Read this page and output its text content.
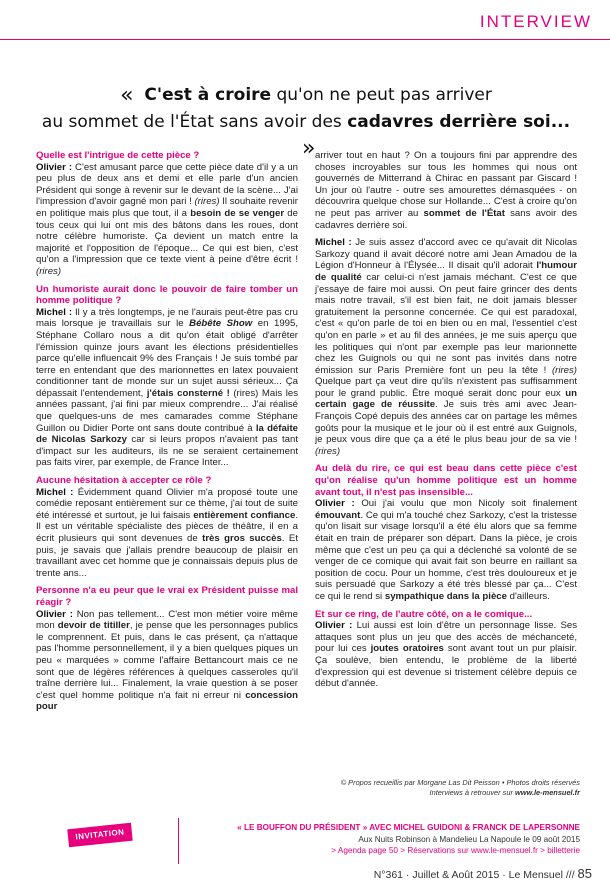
INTERVIEW
« C'est à croire qu'on ne peut pas arriver
au sommet de l'État sans avoir des cadavres derrière soi...  »

Quelle est l'intrigue de cette pièce ?

Olivier : C'est amusant parce que cette pièce date d'il y a un peu plus de deux ans et demi et elle parle d'un ancien Président qui songe à revenir sur le devant de la scène... J'ai l'impression d'avoir gagné mon pari ! (rires) Il souhaite revenir en politique mais plus que tout, il a besoin de se venger de tous ceux qui lui ont mis des bâtons dans les roues, dont notre célèbre humoriste. Ça devient un match entre la majorité et l'opposition de l'époque... Ce qui est bien, c'est qu'on a l'impression que ce texte vient à peine d'être écrit ! (rires)

Un humoriste aurait donc le pouvoir de faire tomber un homme politique ?

Michel : Il y a très longtemps, je ne l'aurais peut-être pas cru mais lorsque je travaillais sur le Bébête Show en 1995, Stéphane Collaro nous a dit qu'on était obligé d'arrêter l'émission quinze jours avant les élections présidentielles parce qu'elle influencait 9% des Français ! Je suis tombé par terre en entendant que des marionnettes en latex pouvaient conditionner tant de monde sur un sujet aussi sérieux... Ça dépassait l'entendement, j'étais consterné ! (rires) Mais les années passant, j'ai fini par mieux comprendre... J'ai réalisé que quelques-uns de mes camarades comme Stéphane Guillon ou Didier Porte ont sans doute contribué à la défaite de Nicolas Sarkozy car si leurs propos n'avaient pas tant d'impact sur les auditeurs, ils ne se seraient certainement pas faits virer, par exemple, de France Inter...

Aucune hésitation à accepter ce rôle ?

Michel : Évidemment quand Olivier m'a proposé toute une comédie reposant entièrement sur ce thème, j'ai tout de suite été intéressé et surtout, je lui faisais entièrement confiance. Il est un véritable spécialiste des pièces de théâtre, il en a écrit plusieurs qui sont devenues de très gros succès. Et puis, je savais que j'allais prendre beaucoup de plaisir en travaillant avec cet homme que je connaissais depuis plus de trente ans...

Personne n'a eu peur que le vrai ex Président puisse mal réagir ?

Olivier : Non pas tellement... C'est mon métier voire même mon devoir de titiller, je pense que les personnages publics le comprennent. Et puis, dans le cas présent, ça n'attaque pas l'homme personnellement, il y a bien quelques piques un peu « marquées » comme l'affaire Bettancourt mais ce ne sont que de légères références à quelques casseroles qu'il traîne derrière lui... Finalement, la vraie question à se poser c'est quel homme politique n'a fait ni erreur ni concession pour

arriver tout en haut ? On a toujours fini par apprendre des choses incroyables sur tous les hommes qui nous ont gouvernés de Mitterrand à Chirac en passant par Giscard ! Un jour où l'autre - outre ses amourettes démasquées - on découvrira quelque chose sur Hollande... C'est à croire qu'on ne peut pas arriver au sommet de l'État sans avoir des cadavres derrière soi.

Michel : Je suis assez d'accord avec ce qu'avait dit Nicolas Sarkozy quand il avait décoré notre ami Jean Amadou de la Légion d'Honneur à l'Élysée... Il disait qu'il adorait l'humour de qualité car celui-ci n'est jamais méchant. C'est ce que j'essaye de faire moi aussi. On peut faire grincer des dents mais notre travail, s'il est bien fait, ne doit jamais blesser gratuitement la personne concernée. Ce qui est paradoxal, c'est « qu'on parle de toi en bien ou en mal, l'essentiel c'est qu'on en parle » et au fil des années, je me suis aperçu que les politiques qui n'ont par exemple pas leur marionnette chez les Guignols ou qui ne sont pas invités dans notre émission sur Paris Première font un peu la tête ! (rires) Quelque part ça veut dire qu'ils n'existent pas suffisamment pour le grand public. Être moqué serait donc pour eux un certain gage de réussite. Je suis très ami avec Jean-François Copé depuis des années car on partage les mêmes goûts pour la musique et le jour où il est entré aux Guignols, je peux vous dire que ça a été le plus beau jour de sa vie ! (rires)

Au delà du rire, ce qui est beau dans cette pièce c'est qu'on réalise qu'un homme politique est un homme avant tout, il n'est pas insensible...

Olivier : Oui j'ai voulu que mon Nicoly soit finalement émouvant. Ce qui m'a touché chez Sarkozy, c'est la tristesse qu'on lisait sur visage lorsqu'il a été élu alors que sa femme était en train de préparer son départ. Dans la pièce, je crois même que c'est un peu ça qui a déclenché sa volonté de se venger de ce comique qui avait fait son beurre en raillant sa position de cocu. Pour un homme, c'est très douloureux et je suis persuadé que Sarkozy a été très blessé par ça... C'est ce qui le rend si sympathique dans la pièce d'ailleurs.

Et sur ce ring, de l'autre côté, on a le comique...

Olivier : Lui aussi est loin d'être un personnage lisse. Ses attaques sont plus un jeu que des accès de méchanceté, pour lui ces joutes oratoires sont avant tout un pur plaisir. Ça soulève, bien entendu, le problème de la liberté d'expression qui est devenue si tristement célèbre depuis ce début d'année.

© Propos recueillis par Morgane Las Dit Peisson • Photos droits réservés
Interviews à retrouver sur www.le-mensuel.fr
INVITATION	« LE BOUFFON DU PRÉSIDENT » AVEC MICHEL GUIDONI & FRANCK DE LAPERSONNE
Aux Nuits Robinson à Mandelieu La Napoule le 09 août 2015
> Agenda page 50 > Réservations sur www.le-mensuel.fr > billetterie
N°361 · Juillet & Août 2015 · Le Mensuel /// 85
